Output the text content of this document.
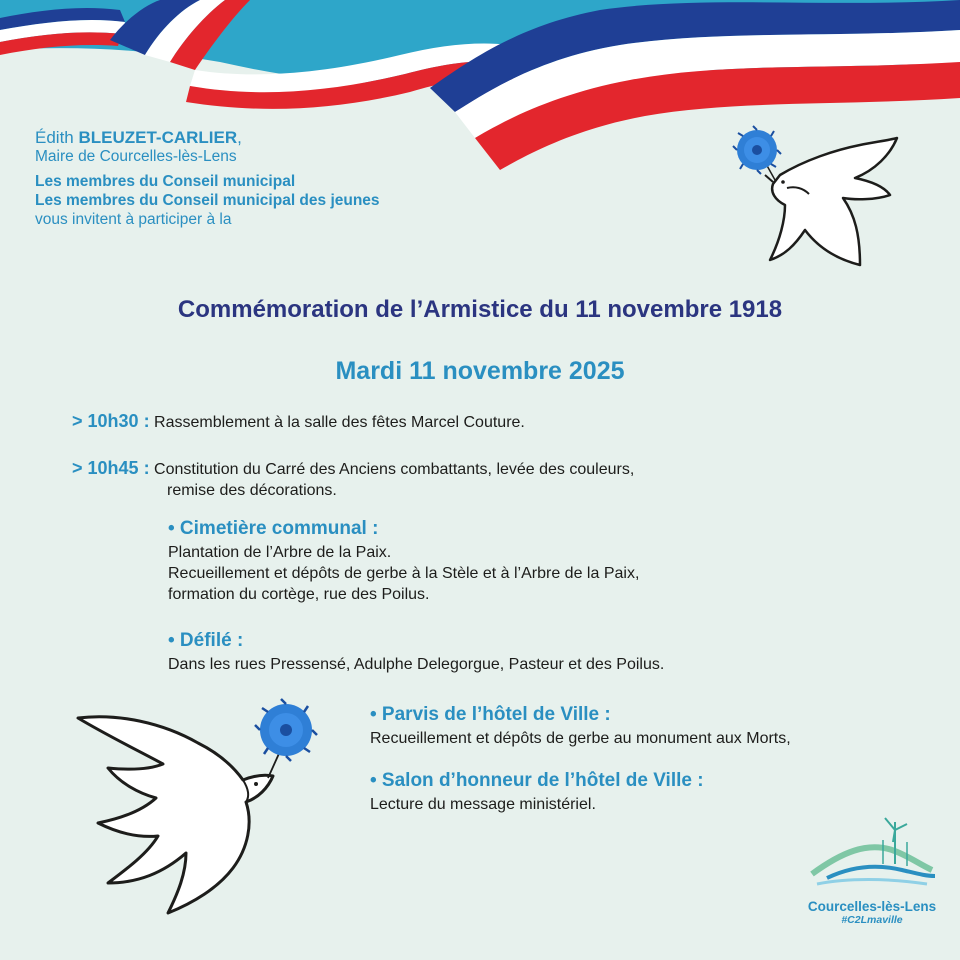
Édith BLEUZET-CARLIER,
Maire de Courcelles-lès-Lens
Les membres du Conseil municipal
Les membres du Conseil municipal des jeunes
vous invitent à participer à la
Commémoration de l’Armistice du 11 novembre 1918
Mardi 11 novembre 2025
> 10h30 : Rassemblement à la salle des fêtes Marcel Couture.
> 10h45 : Constitution du Carré des Anciens combattants, levée des couleurs,
remise des décorations.
• Cimetière communal :
Plantation de l’Arbre de la Paix.
Recueillement et dépôts de gerbe à la Stèle et à l’Arbre de la Paix,
formation du cortège, rue des Poilus.
• Défilé :
Dans les rues Pressensé, Adulphe Delegorgue, Pasteur et des Poilus.
• Parvis de l’hôtel de Ville :
Recueillement et dépôts de gerbe au monument aux Morts,
• Salon d’honneur de l’hôtel de Ville :
Lecture du message ministériel.
Courcelles-lès-Lens
#C2Lmaville
